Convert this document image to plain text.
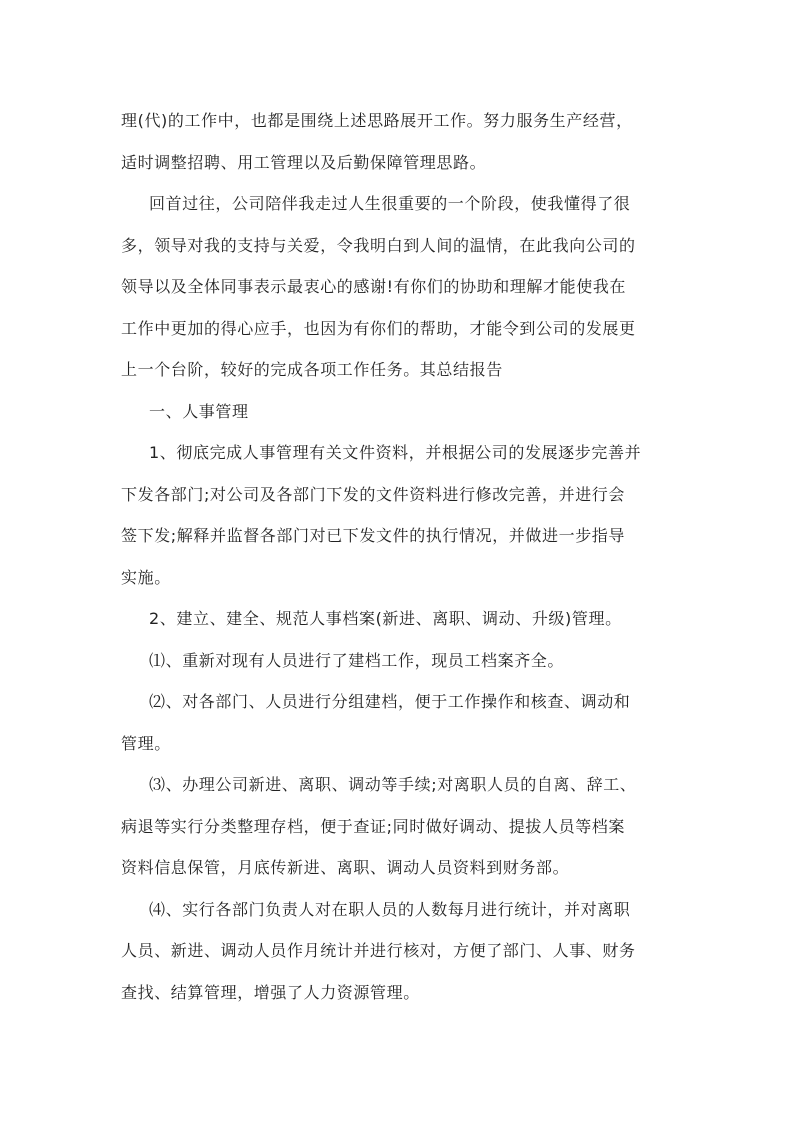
理(代)的工作中，也都是围绕上述思路展开工作。努力服务生产经营，
适时调整招聘、用工管理以及后勤保障管理思路。

回首过往，公司陪伴我走过人生很重要的一个阶段，使我懂得了很
多，领导对我的支持与关爱，令我明白到人间的温情，在此我向公司的
领导以及全体同事表示最衷心的感谢!有你们的协助和理解才能使我在
工作中更加的得心应手，也因为有你们的帮助，才能令到公司的发展更
上一个台阶，较好的完成各项工作任务。其总结报告

一、人事管理

1、彻底完成人事管理有关文件资料，并根据公司的发展逐步完善并
下发各部门;对公司及各部门下发的文件资料进行修改完善，并进行会
签下发;解释并监督各部门对已下发文件的执行情况，并做进一步指导
实施。

2、建立、建全、规范人事档案(新进、离职、调动、升级)管理。

⑴、重新对现有人员进行了建档工作，现员工档案齐全。

⑵、对各部门、人员进行分组建档，便于工作操作和核查、调动和
管理。

⑶、办理公司新进、离职、调动等手续;对离职人员的自离、辞工、
病退等实行分类整理存档，便于查证;同时做好调动、提拔人员等档案
资料信息保管，月底传新进、离职、调动人员资料到财务部。

⑷、实行各部门负责人对在职人员的人数每月进行统计，并对离职
人员、新进、调动人员作月统计并进行核对，方便了部门、人事、财务
查找、结算管理，增强了人力资源管理。
